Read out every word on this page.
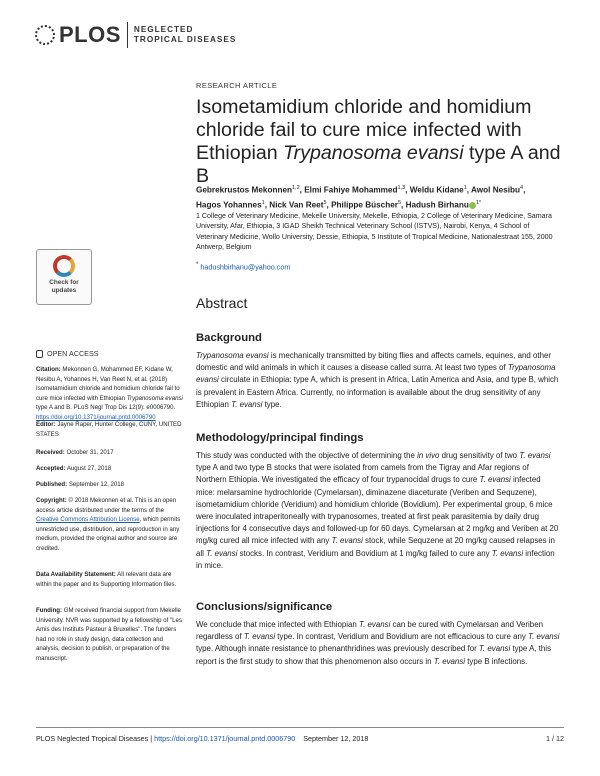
PLOS NEGLECTED
TROPICAL DISEASES
RESEARCH ARTICLE
Isometamidium chloride and homidium chloride fail to cure mice infected with Ethiopian Trypanosoma evansi type A and B
Gebrekrustos Mekonnen$^{1,2}$, Elmi Fahiye Mohammed$^{1,3}$, Weldu Kidane$^1$, Awol Nesibu$^4$,
Hagos Yohannes$^1$, Nick Van Reet$^5$, Philippe Büscher$^5$, Hadush Birhanu $^{1*}$
1 College of Veterinary Medicine, Mekelle University, Mekelle, Ethiopia, 2 College of Veterinary Medicine, Samara University, Afar, Ethiopia, 3 IGAD Sheikh Technical Veterinary School (ISTVS), Nairobi, Kenya, 4 School of Veterinary Medicine, Wollo University, Dessie, Ethiopia, 5 Institute of Tropical Medicine, Nationalestraat 155, 2000 Antwerp, Belgium
* hadushbirhanu@yahoo.com
Abstract
Background
Trypanosoma evansi is mechanically transmitted by biting flies and affects camels, equines, and other domestic and wild animals in which it causes a disease called surra. At least two types of Trypanosoma evansi circulate in Ethiopia: type A, which is present in Africa, Latin America and Asia, and type B, which is prevalent in Eastern Africa. Currently, no information is available about the drug sensitivity of any Ethiopian T. evansi type.
Methodology/principal findings
This study was conducted with the objective of determining the in vivo drug sensitivity of two T. evansi type A and two type B stocks that were isolated from camels from the Tigray and Afar regions of Northern Ethiopia. We investigated the efficacy of four trypanocidal drugs to cure T. evansi infected mice: melarsamine hydrochloride (Cymelarsan), diminazene diaceturate (Veriben and Sequzene), isometamidium chloride (Veridium) and homidium chloride (Bovidium). Per experimental group, 6 mice were inoculated intraperitoneally with trypanosomes, treated at first peak parasitemia by daily drug injections for 4 consecutive days and followed-up for 60 days. Cymelarsan at 2 mg/kg and Veriben at 20 mg/kg cured all mice infected with any T. evansi stock, while Sequzene at 20 mg/kg caused relapses in all T. evansi stocks. In contrast, Veridium and Bovidium at 1 mg/kg failed to cure any T. evansi infection in mice.
Conclusions/significance
We conclude that mice infected with Ethiopian T. evansi can be cured with Cymelarsan and Veriben regardless of T. evansi type. In contrast, Veridium and Bovidium are not efficacious to cure any T. evansi type. Although innate resistance to phenanthridines was previously described for T. evansi type A, this report is the first study to show that this phenomenon also occurs in T. evansi type B infections.
Check for
updates
OPEN ACCESS
Citation: Mekonnen G, Mohammed EF, Kidane W, Nesibu A, Yohannes H, Van Reet N, et al. (2018) Isometamidium chloride and homidium chloride fail to cure mice infected with Ethiopian Trypanosoma evansi type A and B. PLoS Negl Trop Dis 12(9): e0006790. https://doi.org/10.1371/journal.pntd.0006790
Editor: Jayne Raper, Hunter College, CUNY, UNITED STATES
Received: October 31, 2017
Accepted: August 27, 2018
Published: September 12, 2018
Copyright: © 2018 Mekonnen et al. This is an open access article distributed under the terms of the Creative Commons Attribution License, which permits unrestricted use, distribution, and reproduction in any medium, provided the original author and source are credited.
Data Availability Statement: All relevant data are within the paper and its Supporting Information files.
Funding: GM received financial support from Mekelle University. NVR was supported by a fellowship of "Les Amis des Instituts Pasteur à Bruxelles". The funders had no role in study design, data collection and analysis, decision to publish, or preparation of the manuscript.
PLOS Neglected Tropical Diseases | https://doi.org/10.1371/journal.pntd.0006790 September 12, 2018	1 / 12
